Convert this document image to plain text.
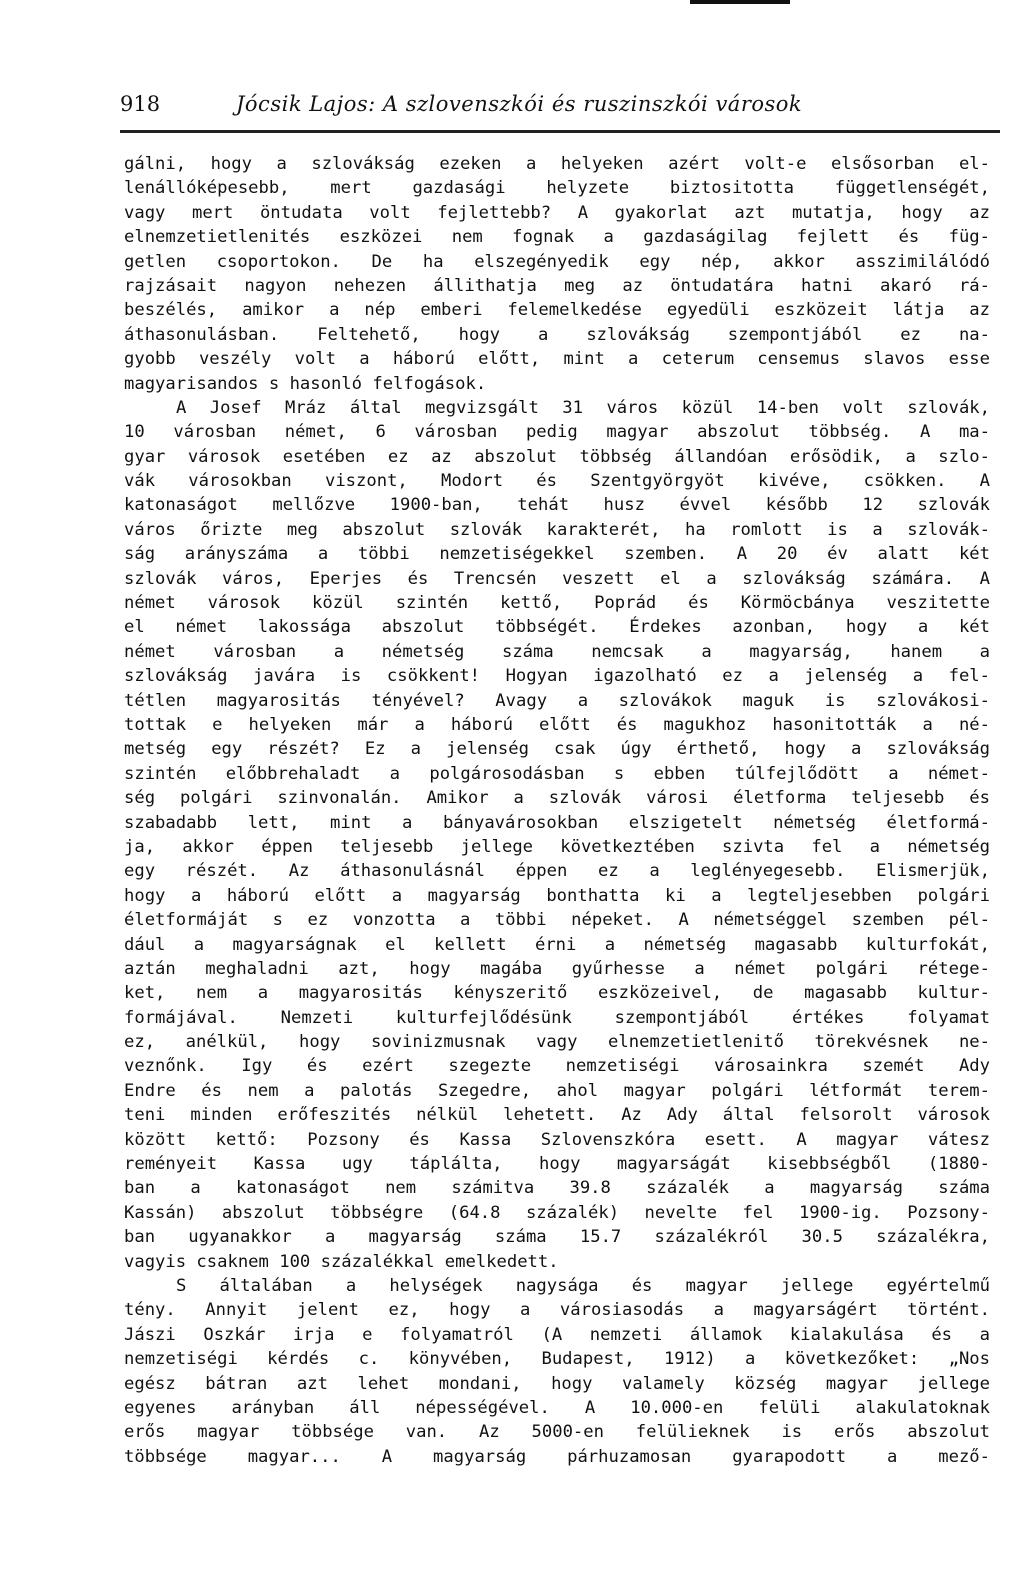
918	Jócsik Lajos: A szlovenszkói és ruszinszkói városok
gálni, hogy a szlovákság ezeken a helyeken azért volt-e elsősorban el-
lenállóképesebb, mert gazdasági helyzete biztositotta függetlenségét,
vagy mert öntudata volt fejlettebb? A gyakorlat azt mutatja, hogy az
elnemzetietlenités eszközei nem fognak a gazdaságilag fejlett és füg-
getlen csoportokon. De ha elszegényedik egy nép, akkor asszimilálódó
rajzásait nagyon nehezen állithatja meg az öntudatára hatni akaró rá-
beszélés, amikor a nép emberi felemelkedése egyedüli eszközeit látja az
áthasonulásban. Feltehető, hogy a szlovákság szempontjából ez na-
gyobb veszély volt a háború előtt, mint a ceterum censemus slavos esse
magyarisandos s hasonló felfogások.
A Josef Mráz által megvizsgált 31 város közül 14-ben volt szlovák,
10 városban német, 6 városban pedig magyar abszolut többség. A ma-
gyar városok esetében ez az abszolut többség állandóan erősödik, a szlo-
vák városokban viszont, Modort és Szentgyörgyöt kivéve, csökken. A
katonaságot mellőzve 1900-ban, tehát husz évvel később 12 szlovák
város őrizte meg abszolut szlovák karakterét, ha romlott is a szlovák-
ság arányszáma a többi nemzetiségekkel szemben. A 20 év alatt két
szlovák város, Eperjes és Trencsén veszett el a szlovákság számára. A
német városok közül szintén kettő, Poprád és Körmöcbánya veszitette
el német lakossága abszolut többségét. Érdekes azonban, hogy a két
német városban a németség száma nemcsak a magyarság, hanem a
szlovákság javára is csökkent! Hogyan igazolható ez a jelenség a fel-
tétlen magyarositás tényével? Avagy a szlovákok maguk is szlovákosi-
tottak e helyeken már a háború előtt és magukhoz hasonitották a né-
metség egy részét? Ez a jelenség csak úgy érthető, hogy a szlovákság
szintén előbbrehaladt a polgárosodásban s ebben túlfejlődött a német-
ség polgári szinvonalán. Amikor a szlovák városi életforma teljesebb és
szabadabb lett, mint a bányavárosokban elszigetelt németség életformá-
ja, akkor éppen teljesebb jellege következtében szivta fel a németség
egy részét. Az áthasonulásnál éppen ez a leglényegesebb. Elismerjük,
hogy a háború előtt a magyarság bonthatta ki a legteljesebben polgári
életformáját s ez vonzotta a többi népeket. A németséggel szemben pél-
dául a magyarságnak el kellett érni a németség magasabb kulturfokát,
aztán meghaladni azt, hogy magába gyűrhesse a német polgári rétege-
ket, nem a magyarositás kényszeritő eszközeivel, de magasabb kultur-
formájával. Nemzeti kulturfejlődésünk szempontjából értékes folyamat
ez, anélkül, hogy sovinizmusnak vagy elnemzetietlenitő törekvésnek ne-
veznőnk. Igy és ezért szegezte nemzetiségi városainkra szemét Ady
Endre és nem a palotás Szegedre, ahol magyar polgári létformát terem-
teni minden erőfeszités nélkül lehetett. Az Ady által felsorolt városok
között kettő: Pozsony és Kassa Szlovenszkóra esett. A magyar vátesz
reményeit Kassa ugy táplálta, hogy magyarságát kisebbségből (1880-
ban a katonaságot nem számitva 39.8 százalék a magyarság száma
Kassán) abszolut többségre (64.8 százalék) nevelte fel 1900-ig. Pozsony-
ban ugyanakkor a magyarság száma 15.7 százalékról 30.5 százalékra,
vagyis csaknem 100 százalékkal emelkedett.
S általában a helységek nagysága és magyar jellege egyértelmű
tény. Annyit jelent ez, hogy a városiasodás a magyarságért történt.
Jászi Oszkár irja e folyamatról (A nemzeti államok kialakulása és a
nemzetiségi kérdés c. könyvében, Budapest, 1912) a következőket: „Nos
egész bátran azt lehet mondani, hogy valamely község magyar jellege
egyenes arányban áll népességével. A 10.000-en felüli alakulatoknak
erős magyar többsége van. Az 5000-en felülieknek is erős abszolut
többsége magyar... A magyarság párhuzamosan gyarapodott a mező-
